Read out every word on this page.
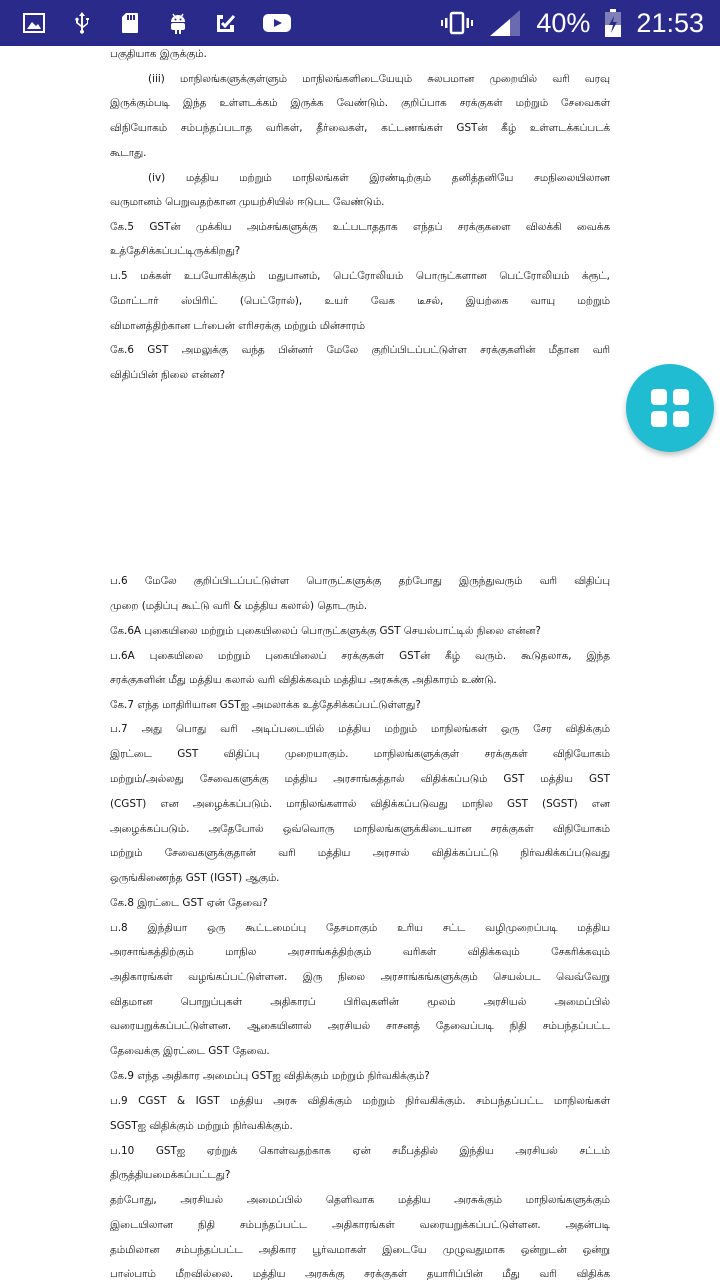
40% 21:53
பகுதியாக இருக்கும்.
(iii) மாநிலங்களுக்குள்ளும் மாநிலங்களிடையேயும் சுலபமான முறையில் வரி வரவு
இருக்கும்படி இந்த உள்ளடக்கம் இருக்க வேண்டும். குறிப்பாக சரக்குகள் மற்றும் சேவைகள்
விநியோகம் சம்பந்தப்படாத வரிகள், தீர்வைகள், கட்டணங்கள் GSTன் கீழ் உள்ளடக்கப்படக்
கூடாது.
(iv) மத்திய மற்றும் மாநிலங்கள் இரண்டிற்கும் தனித்தனியே சமநிலையிலான
வருமானம் பெறுவதற்கான முயற்சியில் ஈடுபட வேண்டும்.
கே.5 GSTன் முக்கிய அம்சங்களுக்கு உட்படாததாக எந்தப் சரக்குகளை விலக்கி வைக்க
உத்தேசிக்கப்பட்டிருக்கிறது?
ப.5 மக்கள் உபயோகிக்கும் மதுபானம், பெட்ரோலியம் பொருட்களான பெட்ரோலியம் க்ரூட்,
மோட்டார் ஸ்பிரிட் (பெட்ரோல்), உயர் வேக டீசல், இயற்கை வாயு மற்றும்
விமானத்திற்கான டர்பைன் எரிசரக்கு மற்றும் மின்சாரம்
கே.6 GST அமலுக்கு வந்த பின்னர் மேலே குறிப்பிடப்பட்டுள்ள சரக்குகளின் மீதான வரி
விதிப்பின் நிலை என்ன?
ப.6 மேலே குறிப்பிடப்பட்டுள்ள பொருட்களுக்கு தற்போது இருந்துவரும் வரி விதிப்பு
முறை (மதிப்பு கூட்டு வரி & மத்திய கலால்) தொடரும்.
கே.6A புகையிலை மற்றும் புகையிலைப் பொருட்களுக்கு GST செயல்பாட்டில் நிலை என்ன?
ப.6A புகையிலை மற்றும் புகையிலைப் சரக்குகள் GSTன் கீழ் வரும். கூடுதலாக, இந்த
சரக்குகளின் மீது மத்திய கலால் வரி விதிக்கவும் மத்திய அரசுக்கு அதிகாரம் உண்டு.
கே.7 எந்த மாதிரியான GSTஐ அமலாக்க உத்தேசிக்கப்பட்டுள்ளது?
ப.7 அது பொது வரி அடிப்படையில் மத்திய மற்றும் மாநிலங்கள் ஒரு சேர விதிக்கும்
இரட்டை GST விதிப்பு முறையாகும். மாநிலங்களுக்குள் சரக்குகள் விநியோகம்
மற்றும்/அல்லது சேவைகளுக்கு மத்திய அரசாங்கத்தால் விதிக்கப்படும் GST மத்திய GST
(CGST) என அழைக்கப்படும். மாநிலங்களால் விதிக்கப்படுவது மாநில GST (SGST) என
அழைக்கப்படும். அதேபோல் ஒவ்வொரு மாநிலங்களுக்கிடையான சரக்குகள் விநியோகம்
மற்றும் சேவைகளுக்குதான் வரி மத்திய அரசால் விதிக்கப்பட்டு நிர்வகிக்கப்படுவது
ஒருங்கிணைந்த GST (IGST) ஆகும்.
கே.8 இரட்டை GST ஏன் தேவை?
ப.8 இந்தியா ஒரு கூட்டமைப்பு தேசமாகும் உரிய சட்ட வழிமுறைப்படி மத்திய
அரசாங்கத்திற்கும் மாநில அரசாங்கத்திற்கும் வரிகள் விதிக்கவும் சேகரிக்கவும்
அதிகாரங்கள் வழங்கப்பட்டுள்ளன. இரு நிலை அரசாங்கங்களுக்கும் செயல்பட வெவ்வேறு
விதமான பொறுப்புகள் அதிகாரப் பிரிவுகளின் மூலம் அரசியல் அமைப்பில்
வரையறுக்கப்பட்டுள்ளன. ஆகையினால் அரசியல் சாசனத் தேவைப்படி நிதி சம்பந்தப்பட்ட
தேவைக்கு இரட்டை GST தேவை.
கே.9 எந்த அதிகார அமைப்பு GSTஐ விதிக்கும் மற்றும் நிர்வகிக்கும்?
ப.9 CGST & IGST மத்திய அரசு விதிக்கும் மற்றும் நிர்வகிக்கும். சம்பந்தப்பட்ட மாநிலங்கள்
SGSTஐ விதிக்கும் மற்றும் நிர்வகிக்கும்.
ப.10 GSTஐ ஏற்றுக் கொள்வதற்காக ஏன் சமீபத்தில் இந்திய அரசியல் சட்டம்
திருத்தியமைக்கப்பட்டது?
தற்போது, அரசியல் அமைப்பில் தெளிவாக மத்திய அரசுக்கும் மாநிலங்களுக்கும்
இடையிலான நிதி சம்பந்தப்பட்ட அதிகாரங்கள் வரையறுக்கப்பட்டுள்ளன. அதன்படி
தம்மிலான சம்பந்தப்பட்ட அதிகார பூர்வமாகள் இடையே முழுவதுமாக ஒன்றுடன் ஒன்று
பாஸ்பாம் மீறவில்லை. மத்திய அரசுக்கு சரக்குகள் தயாரிப்பின் மீது வரி விதிக்க
